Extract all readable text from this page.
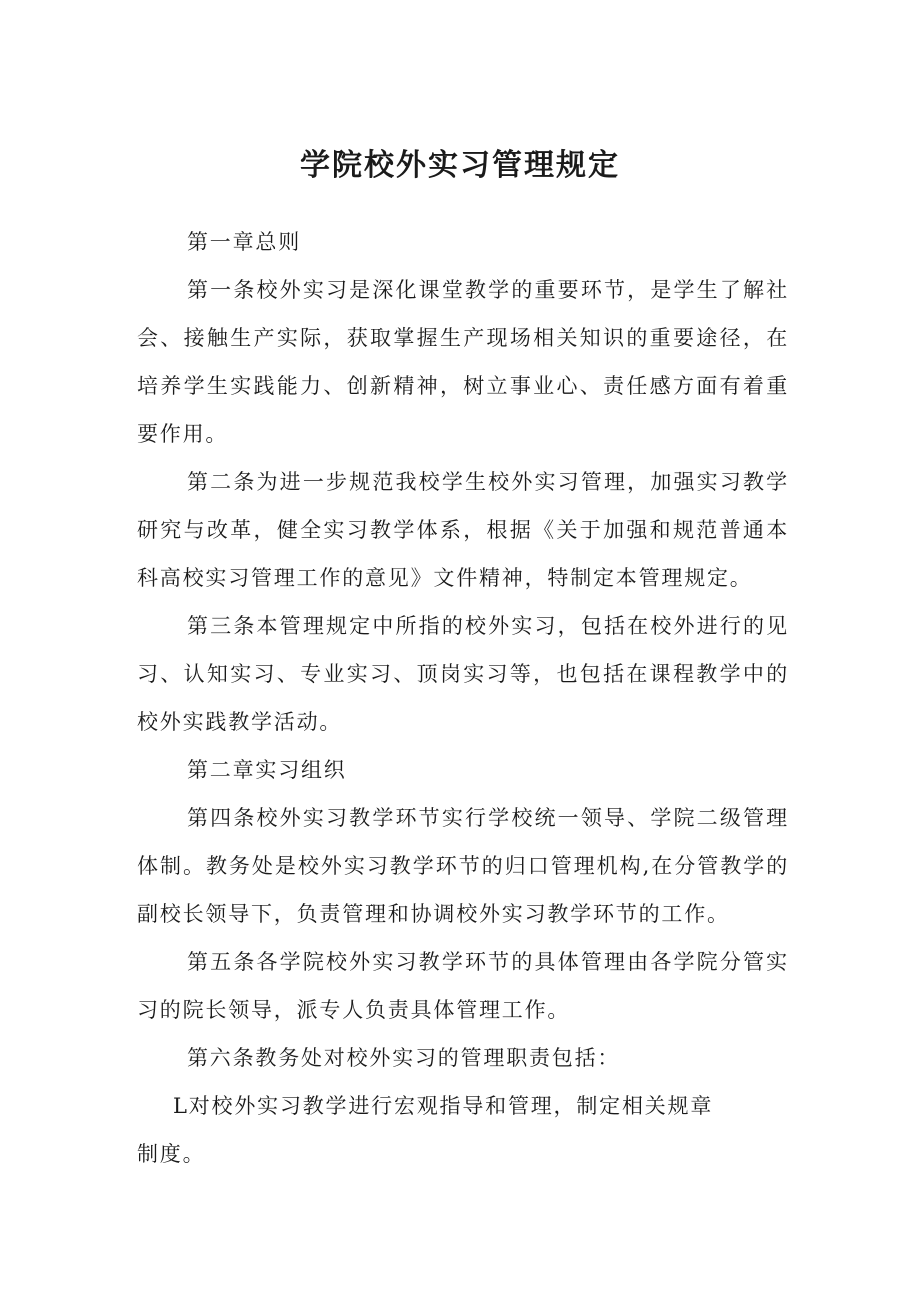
学院校外实习管理规定

第一章总则

第一条校外实习是深化课堂教学的重要环节，是学生了解社会、接触生产实际，获取掌握生产现场相关知识的重要途径，在培养学生实践能力、创新精神，树立事业心、责任感方面有着重要作用。

第二条为进一步规范我校学生校外实习管理，加强实习教学研究与改革，健全实习教学体系，根据《关于加强和规范普通本科高校实习管理工作的意见》文件精神，特制定本管理规定。

第三条本管理规定中所指的校外实习，包括在校外进行的见习、认知实习、专业实习、顶岗实习等，也包括在课程教学中的校外实践教学活动。

第二章实习组织

第四条校外实习教学环节实行学校统一领导、学院二级管理体制。教务处是校外实习教学环节的归口管理机构,在分管教学的副校长领导下，负责管理和协调校外实习教学环节的工作。

第五条各学院校外实习教学环节的具体管理由各学院分管实习的院长领导，派专人负责具体管理工作。

第六条教务处对校外实习的管理职责包括：

L对校外实习教学进行宏观指导和管理，制定相关规章
制度。
